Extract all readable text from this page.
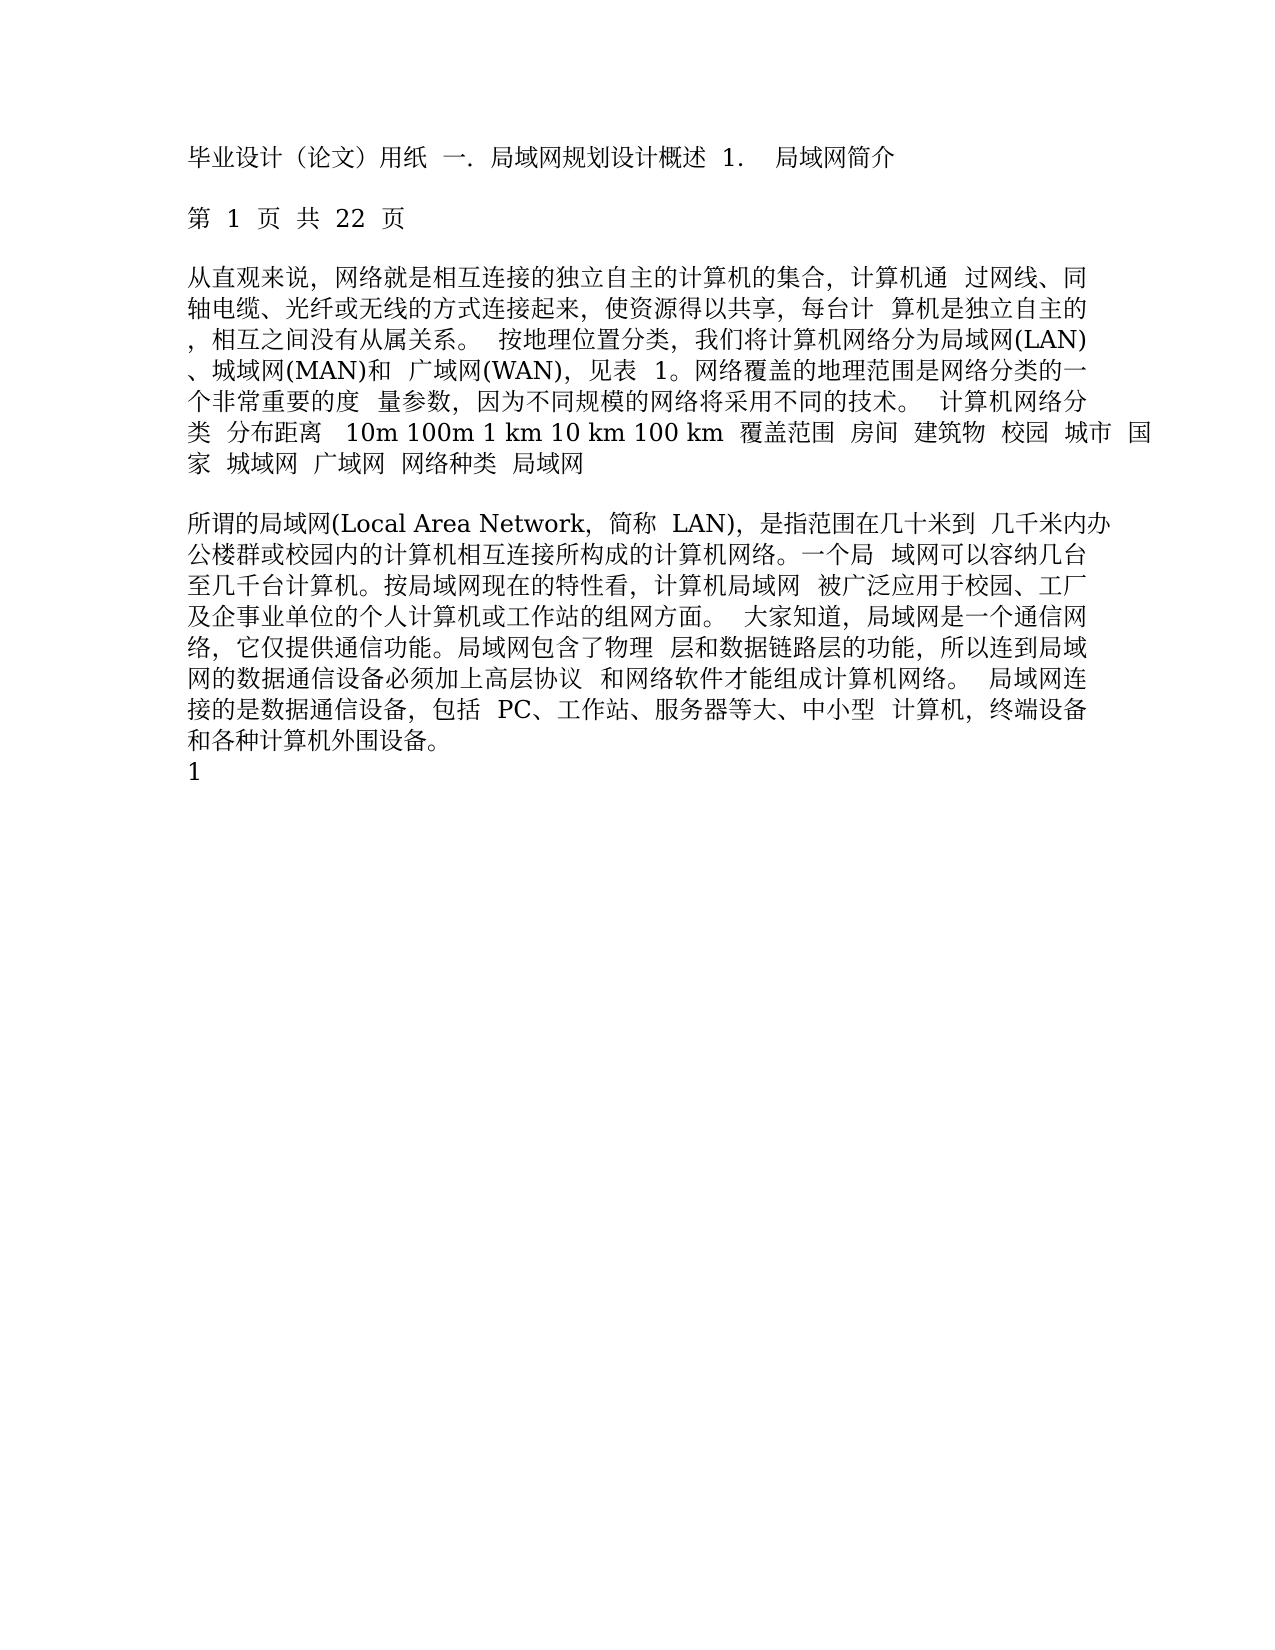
毕业设计（论文）用纸  一．局域网规划设计概述  1.    局域网简介
第  1  页  共  22  页
从直观来说，网络就是相互连接的独立自主的计算机的集合，计算机通  过网线、同
轴电缆、光纤或无线的方式连接起来，使资源得以共享，每台计  算机是独立自主的
，相互之间没有从属关系。  按地理位置分类，我们将计算机网络分为局域网(LAN)
、城域网(MAN)和  广域网(WAN)，见表  1。网络覆盖的地理范围是网络分类的一
个非常重要的度  量参数，因为不同规模的网络将采用不同的技术。  计算机网络分
类  分布距离   10m 100m 1 km 10 km 100 km  覆盖范围  房间  建筑物  校园  城市  国
家  城域网  广域网  网络种类  局域网
所谓的局域网(Local Area Network，简称  LAN)，是指范围在几十米到  几千米内办
公楼群或校园内的计算机相互连接所构成的计算机网络。一个局  域网可以容纳几台
至几千台计算机。按局域网现在的特性看，计算机局域网  被广泛应用于校园、工厂
及企事业单位的个人计算机或工作站的组网方面。  大家知道，局域网是一个通信网
络，它仅提供通信功能。局域网包含了物理  层和数据链路层的功能，所以连到局域
网的数据通信设备必须加上高层协议  和网络软件才能组成计算机网络。  局域网连
接的是数据通信设备，包括  PC、工作站、服务器等大、中小型  计算机，终端设备
和各种计算机外围设备。
1
